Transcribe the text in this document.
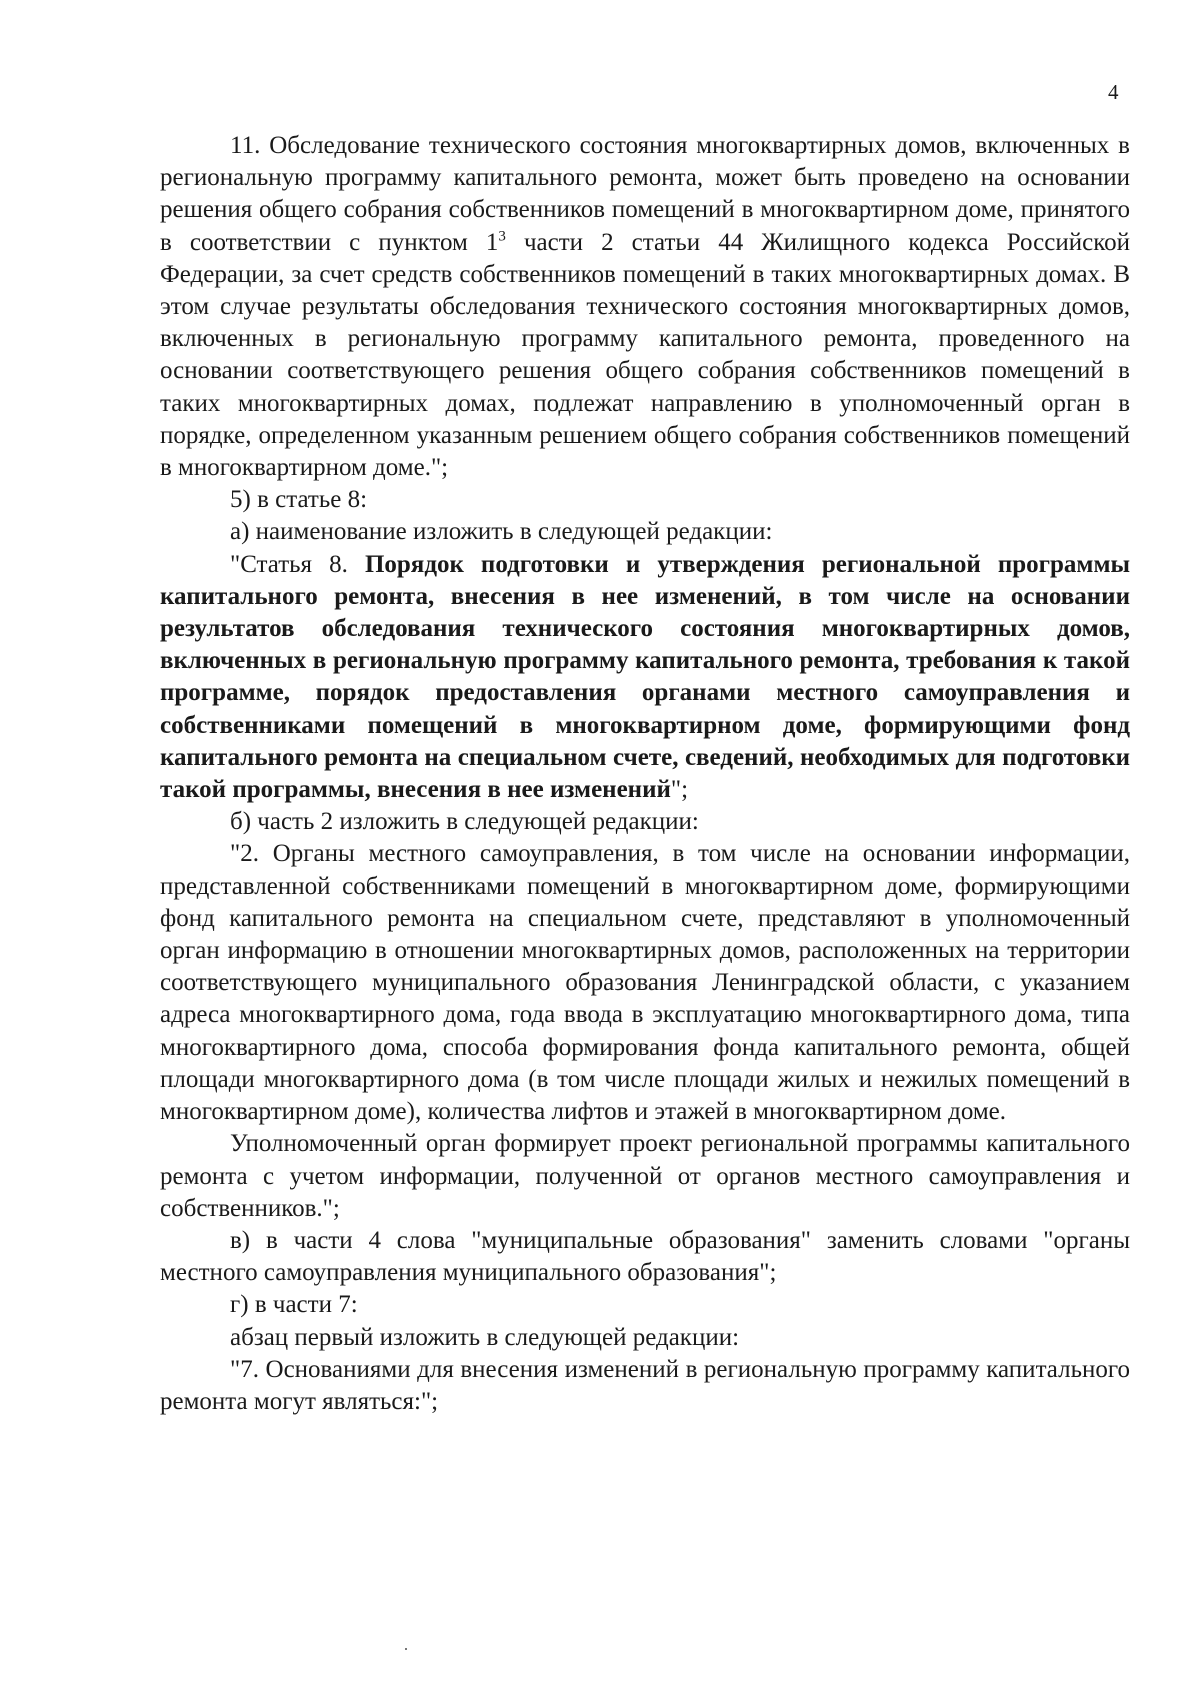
4

11. Обследование технического состояния многоквартирных домов, включенных в региональную программу капитального ремонта, может быть проведено на основании решения общего собрания собственников помещений в многоквартирном доме, принятого в соответствии с пунктом $1^3$ части 2 статьи 44 Жилищного кодекса Российской Федерации, за счет средств собственников помещений в таких многоквартирных домах. В этом случае результаты обследования технического состояния многоквартирных домов, включенных в региональную программу капитального ремонта, проведенного на основании соответствующего решения общего собрания собственников помещений в таких многоквартирных домах, подлежат направлению в уполномоченный орган в порядке, определенном указанным решением общего собрания собственников помещений в многоквартирном доме.";

5) в статье 8:

а) наименование изложить в следующей редакции:

"Статья 8. Порядок подготовки и утверждения региональной программы капитального ремонта, внесения в нее изменений, в том числе на основании результатов обследования технического состояния многоквартирных домов, включенных в региональную программу капитального ремонта, требования к такой программе, порядок предоставления органами местного самоуправления и собственниками помещений в многоквартирном доме, формирующими фонд капитального ремонта на специальном счете, сведений, необходимых для подготовки такой программы, внесения в нее изменений";

б) часть 2 изложить в следующей редакции:

"2. Органы местного самоуправления, в том числе на основании информации, представленной собственниками помещений в многоквартирном доме, формирующими фонд капитального ремонта на специальном счете, представляют в уполномоченный орган информацию в отношении многоквартирных домов, расположенных на территории соответствующего муниципального образования Ленинградской области, с указанием адреса многоквартирного дома, года ввода в эксплуатацию многоквартирного дома, типа многоквартирного дома, способа формирования фонда капитального ремонта, общей площади многоквартирного дома (в том числе площади жилых и нежилых помещений в многоквартирном доме), количества лифтов и этажей в многоквартирном доме.

Уполномоченный орган формирует проект региональной программы капитального ремонта с учетом информации, полученной от органов местного самоуправления и собственников.";

в) в части 4 слова "муниципальные образования" заменить словами "органы местного самоуправления муниципального образования";

г) в части 7:

абзац первый изложить в следующей редакции:

"7. Основаниями для внесения изменений в региональную программу капитального ремонта могут являться:";
